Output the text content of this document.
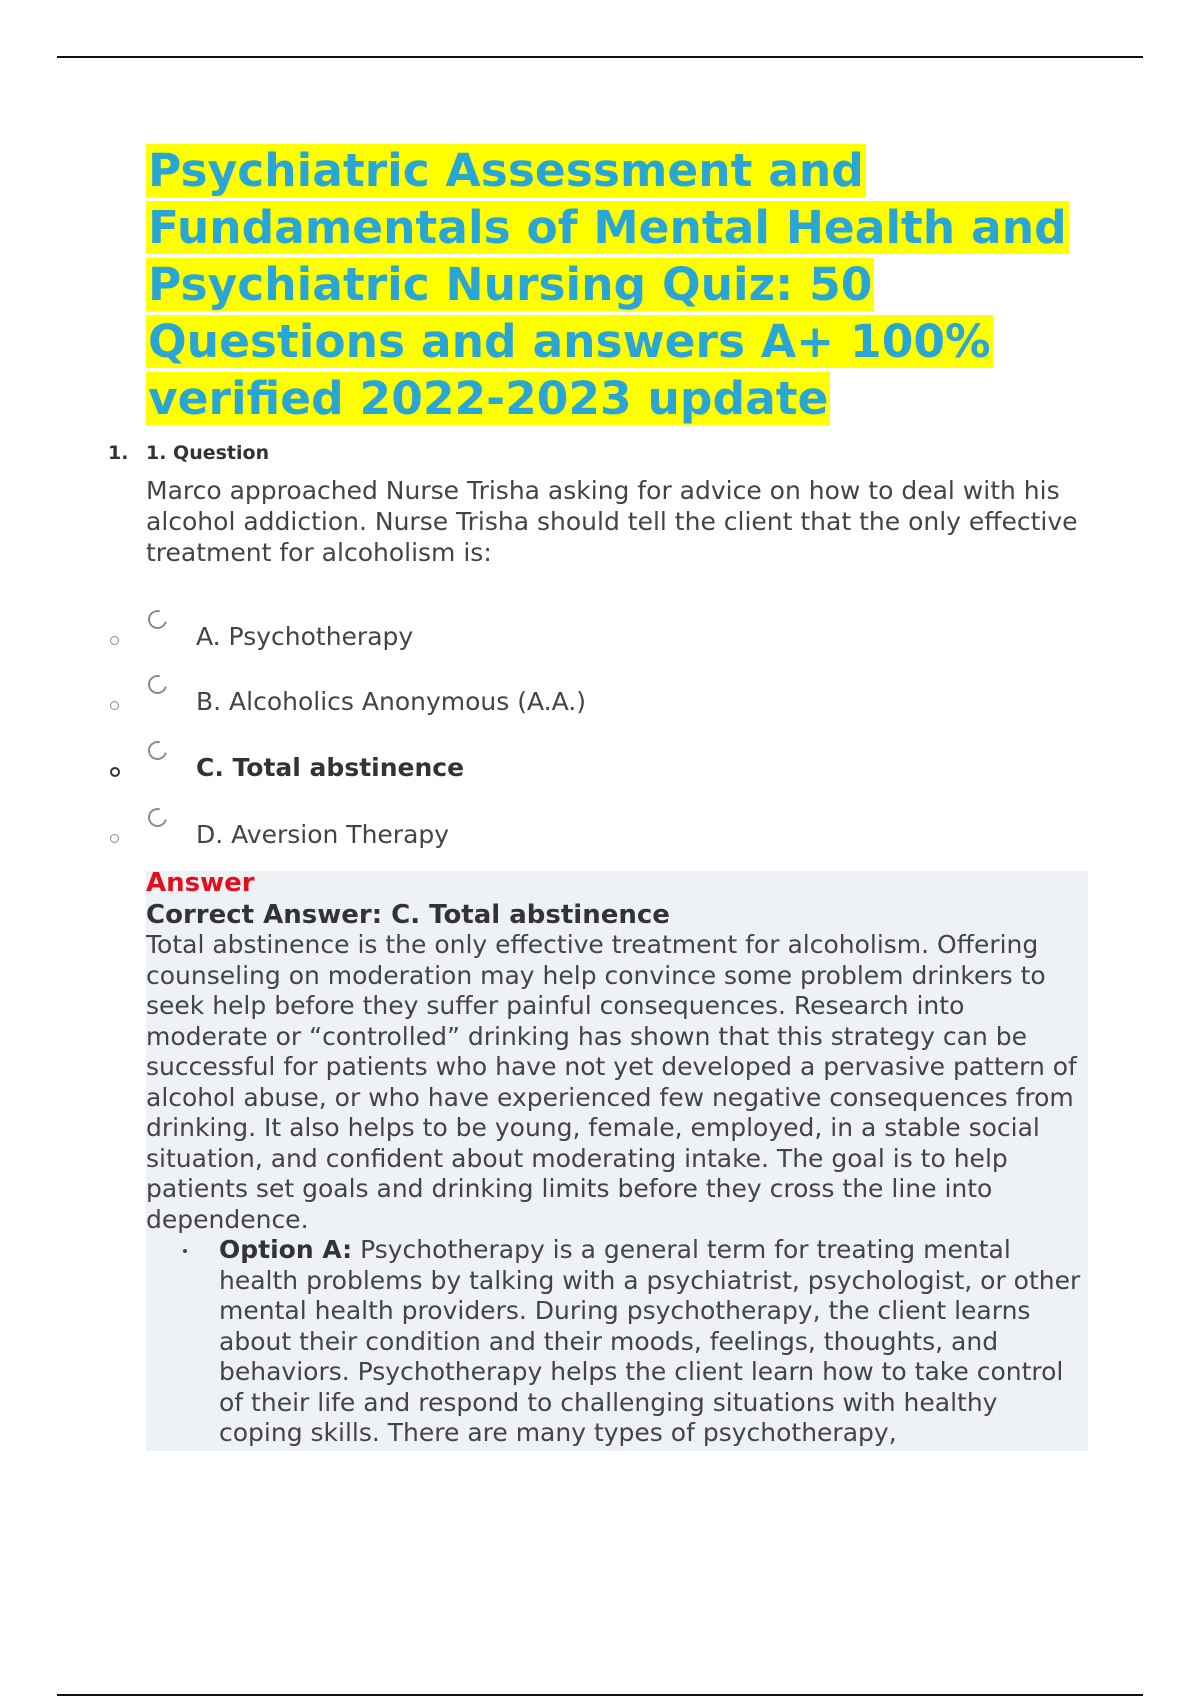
Psychiatric Assessment and Fundamentals of Mental Health and Psychiatric Nursing Quiz: 50 Questions and answers A+ 100% verified 2022-2023 update
1. 1. Question

Marco approached Nurse Trisha asking for advice on how to deal with his alcohol addiction. Nurse Trisha should tell the client that the only effective treatment for alcoholism is:

A. Psychotherapy
B. Alcoholics Anonymous (A.A.)
C. Total abstinence
D. Aversion Therapy
Answer
Correct Answer: C. Total abstinence

Total abstinence is the only effective treatment for alcoholism. Offering counseling on moderation may help convince some problem drinkers to seek help before they suffer painful consequences. Research into moderate or “controlled” drinking has shown that this strategy can be successful for patients who have not yet developed a pervasive pattern of alcohol abuse, or who have experienced few negative consequences from drinking. It also helps to be young, female, employed, in a stable social situation, and confident about moderating intake. The goal is to help patients set goals and drinking limits before they cross the line into dependence.

Option A: Psychotherapy is a general term for treating mental health problems by talking with a psychiatrist, psychologist, or other mental health providers. During psychotherapy, the client learns about their condition and their moods, feelings, thoughts, and behaviors. Psychotherapy helps the client learn how to take control of their life and respond to challenging situations with healthy coping skills. There are many types of psychotherapy,
